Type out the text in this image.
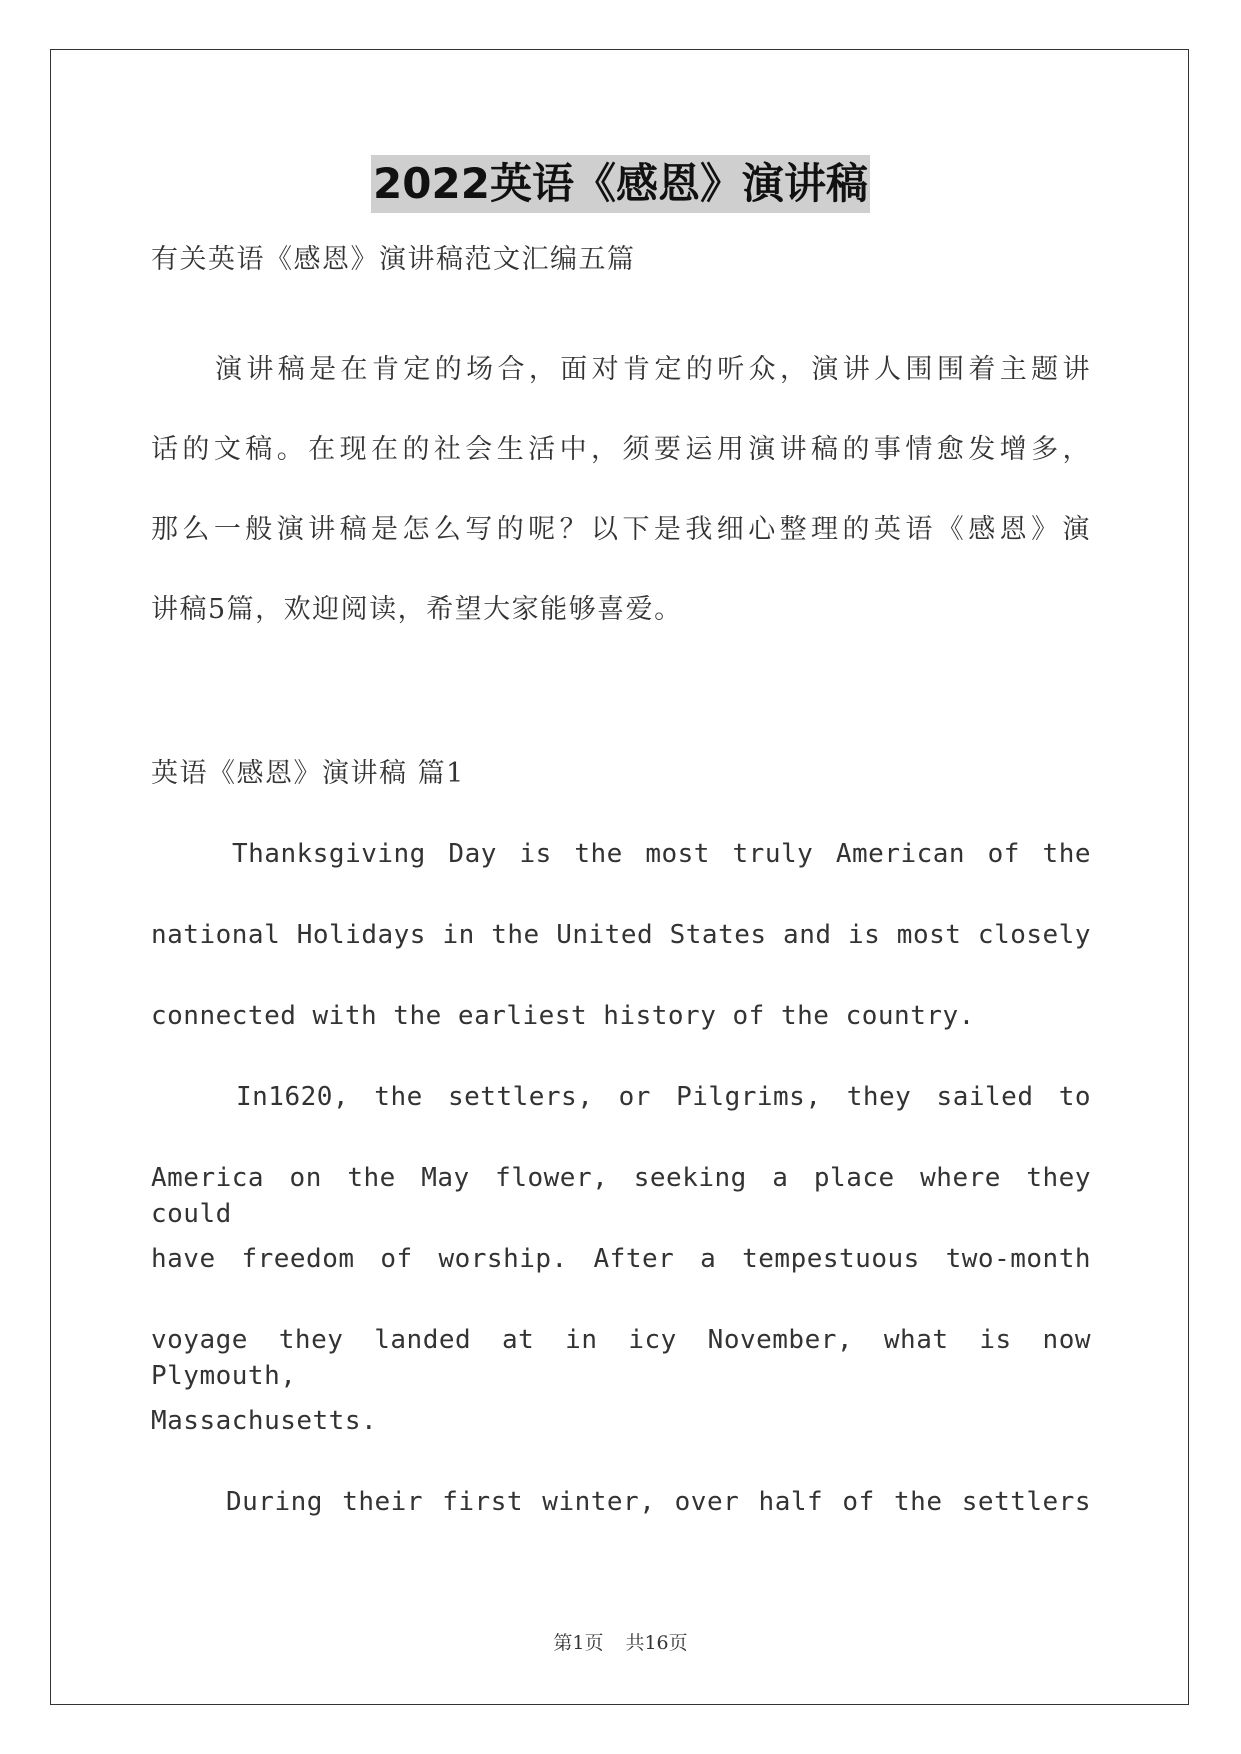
2022英语《感恩》演讲稿
有关英语《感恩》演讲稿范文汇编五篇
演讲稿是在肯定的场合，面对肯定的听众，演讲人围围着主题讲
话的文稿。在现在的社会生活中，须要运用演讲稿的事情愈发增多，
那么一般演讲稿是怎么写的呢？以下是我细心整理的英语《感恩》演
讲稿5篇，欢迎阅读，希望大家能够喜爱。
英语《感恩》演讲稿 篇1
Thanksgiving Day is the most truly American of the
national Holidays in the United States and is most closely
connected with the earliest history of the country.
In1620, the settlers, or Pilgrims, they sailed to
America on the May flower, seeking a place where they could
have freedom of worship. After a tempestuous two-month
voyage they landed at in icy November, what is now Plymouth,
Massachusetts.
During their first winter, over half of the settlers
第1页 共16页
